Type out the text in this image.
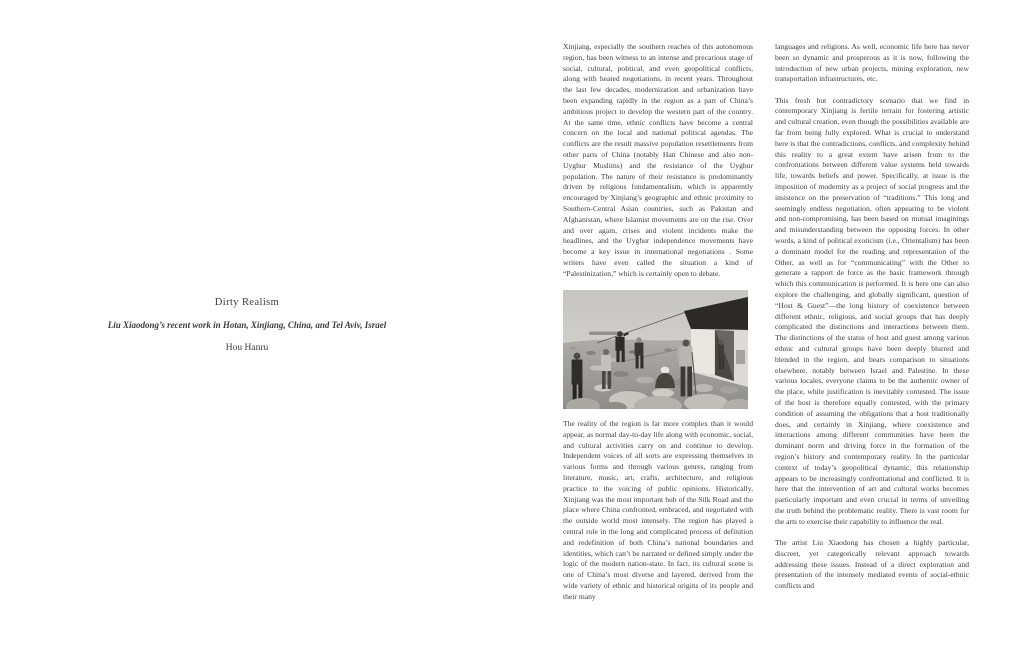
Dirty Realism
Liu Xiaodong’s recent work in Hotan, Xinjiang, China, and Tel Aviv, Israel
Hou Hanru

Xinjiang, especially the southern reaches of this autonomous region, has been witness to an intense and precarious stage of social, cultural, political, and even geopolitical conflicts, along with heated negotiations, in recent years. Throughout the last few decades, modernization and urbanization have been expanding rapidly in the region as a part of China’s ambitious project to develop the western part of the country. At the same time, ethnic conflicts have become a central concern on the local and national political agendas. The conflicts are the result massive population resettlements from other parts of China (notably Han Chinese and also non-Uyghur Muslims) and the resistance of the Uyghur population. The nature of their resistance is predominantly driven by religious fundamentalism, which is apparently encouraged by Xinjiang’s geographic and ethnic proximity to Southern-Central Asian countries, such as Pakistan and Afghanistan, where Islamist movements are on the rise. Over and over again, crises and violent incidents make the headlines, and the Uyghur independence movements have become a key issue in international negotiations . Some writers have even called the situation a kind of “Palestinization,” which is certainly open to debate.

The reality of the region is far more complex than it would appear, as normal day-to-day life along with economic, social, and cultural activities carry on and continue to develop. Independent voices of all sorts are expressing themselves in various forms and through various genres, ranging from literature, music, art, crafts, architecture, and religious practice to the voicing of public opinions. Historically, Xinjiang was the most important hub of the Silk Road and the place where China confronted, embraced, and negotiated with the outside world most intensely. The region has played a central role in the long and complicated process of definition and redefinition of both China’s national boundaries and identities, which can’t be narrated or defined simply under the logic of the modern nation-state. In fact, its cultural scene is one of China’s most diverse and layered, derived from the wide variety of ethnic and historical origins of its people and their many

languages and religions. As well, economic life here has never been so dynamic and prosperous as it is now, following the introduction of new urban projects, mining exploration, new transportation infrastructures, etc.

This fresh but contradictory scenario that we find in contemporary Xinjiang is fertile terrain for fostering artistic and cultural creation, even though the possibilities available are far from being fully explored. What is crucial to understand here is that the contradictions, conflicts, and complexity behind this reality to a great extent have arisen from to the confrontations between different value systems held towards life, towards beliefs and power. Specifically, at issue is the imposition of modernity as a project of social progress and the insistence on the preservation of “traditions.” This long and seemingly endless negotiation, often appearing to be violent and non-compromising, has been based on mutual imaginings and misunderstanding between the opposing forces. In other words, a kind of political exoticism (i.e., Orientalism) has been a dominant model for the reading and representation of the Other, as well as for “communicating” with the Other to generate a rapport de force as the basic framework through which this communication is performed. It is here one can also explore the challenging, and globally significant, question of “Host & Guest”—the long history of coexistence between different ethnic, religious, and social groups that has deeply complicated the distinctions and interactions between them. The distinctions of the status of host and guest among various ethnic and cultural groups have been deeply blurred and blended in the region, and bears comparison to situations elsewhere, notably between Israel and Palestine. In these various locales, everyone claims to be the authentic owner of the place, while justification is inevitably contested. The issue of the host is therefore equally contested, with the primary condition of assuming the obligations that a host traditionally does, and certainly in Xinjiang, where coexistence and interactions among different communities have been the dominant norm and driving force in the formation of the region’s history and contemporary reality. In the particular context of today’s geopolitical dynamic, this relationship appears to be increasingly confrontational and conflicted. It is here that the intervention of art and cultural works becomes particularly important and even crucial in terms of unveiling the truth behind the problematic reality. There is vast room for the arts to exercise their capability to influence the real.

The artist Liu Xiaodong has chosen a highly particular, discreet, yet categorically relevant approach towards addressing these issues. Instead of a direct exploration and presentation of the intensely mediated events of social-ethnic conflicts and
